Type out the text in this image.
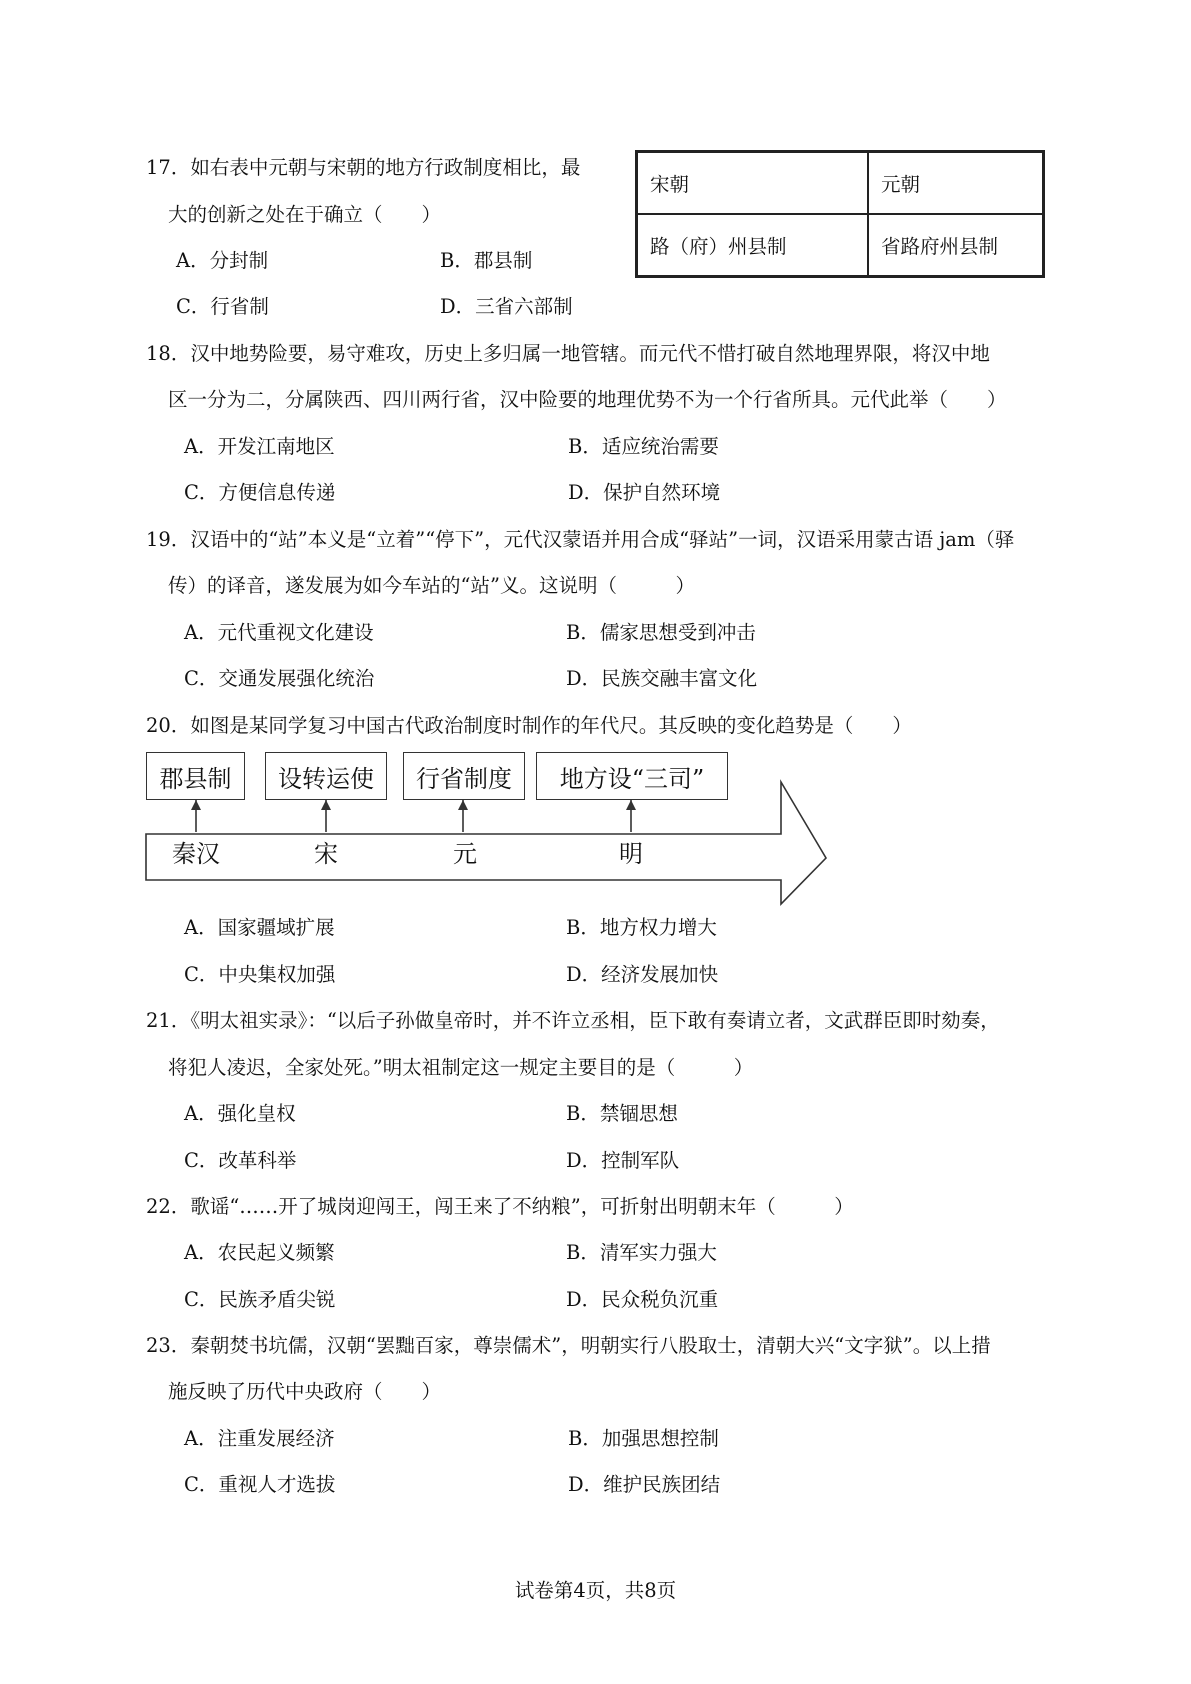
17．如右表中元朝与宋朝的地方行政制度相比，最
大的创新之处在于确立（　　）
A．分封制	B．郡县制
C．行省制	D．三省六部制
宋朝	元朝
路（府）州县制	省路府州县制
18．汉中地势险要，易守难攻，历史上多归属一地管辖。而元代不惜打破自然地理界限，将汉中地
区一分为二，分属陕西、四川两行省，汉中险要的地理优势不为一个行省所具。元代此举（　　）
A．开发江南地区	B．适应统治需要
C．方便信息传递	D．保护自然环境
19．汉语中的“站”本义是“立着”“停下”，元代汉蒙语并用合成“驿站”一词，汉语采用蒙古语 jam（驿
传）的译音，遂发展为如今车站的“站”义。这说明（　　　）
A．元代重视文化建设	B．儒家思想受到冲击
C．交通发展强化统治	D．民族交融丰富文化
20．如图是某同学复习中国古代政治制度时制作的年代尺。其反映的变化趋势是（　　）
郡县制	设转运使	行省制度	地方设“三司”
秦汉	宋	元	明
A．国家疆域扩展	B．地方权力增大
C．中央集权加强	D．经济发展加快
21．《明太祖实录》：“以后子孙做皇帝时，并不许立丞相，臣下敢有奏请立者，文武群臣即时劾奏，
将犯人凌迟，全家处死。”明太祖制定这一规定主要目的是（　　　）
A．强化皇权	B．禁锢思想
C．改革科举	D．控制军队
22．歌谣“……开了城岗迎闯王，闯王来了不纳粮”，可折射出明朝末年（　　　）
A．农民起义频繁	B．清军实力强大
C．民族矛盾尖锐	D．民众税负沉重
23．秦朝焚书坑儒，汉朝“罢黜百家，尊崇儒术”，明朝实行八股取士，清朝大兴“文字狱”。以上措
施反映了历代中央政府（　　）
A．注重发展经济	B．加强思想控制
C．重视人才选拔	D．维护民族团结
试卷第4页，共8页
